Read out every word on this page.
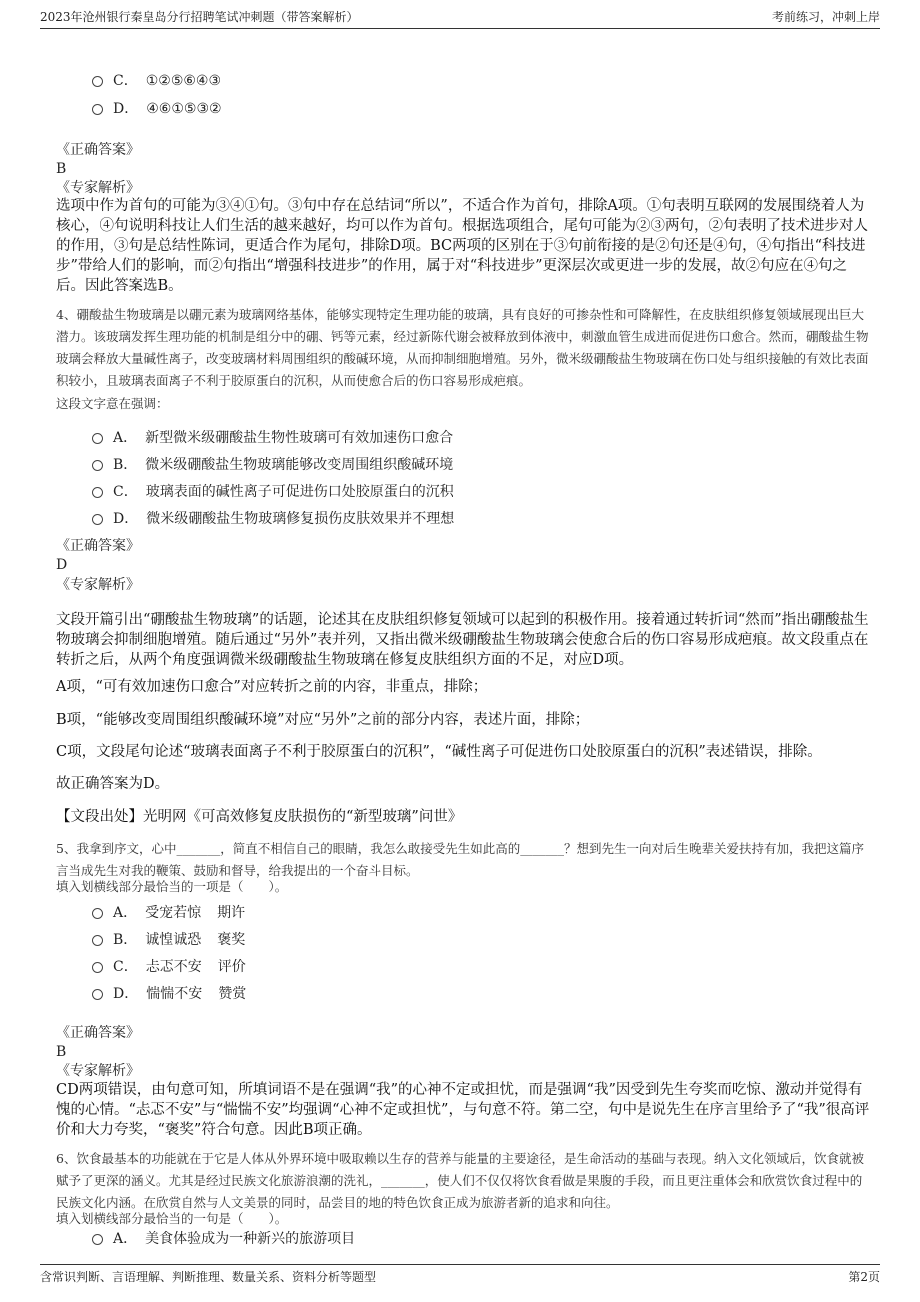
2023年沧州银行秦皇岛分行招聘笔试冲刺题（带答案解析）	考前练习，冲刺上岸
C． ①②⑤⑥④③
D． ④⑥①⑤③②
《正确答案》
B
《专家解析》

选项中作为首句的可能为③④①句。③句中存在总结词“所以”，不适合作为首句，排除A项。①句表明互联网的发展围绕着人为核心，④句说明科技让人们生活的越来越好，均可以作为首句。根据选项组合，尾句可能为②③两句，②句表明了技术进步对人的作用，③句是总结性陈词，更适合作为尾句，排除D项。BC两项的区别在于③句前衔接的是②句还是④句，④句指出“科技进步”带给人们的影响，而②句指出“增强科技进步”的作用，属于对“科技进步”更深层次或更进一步的发展，故②句应在④句之后。因此答案选B。

4、硼酸盐生物玻璃是以硼元素为玻璃网络基体，能够实现特定生理功能的玻璃，具有良好的可掺杂性和可降解性，在皮肤组织修复领域展现出巨大潜力。该玻璃发挥生理功能的机制是组分中的硼、钙等元素，经过新陈代谢会被释放到体液中，刺激血管生成进而促进伤口愈合。然而，硼酸盐生物玻璃会释放大量碱性离子，改变玻璃材料周围组织的酸碱环境，从而抑制细胞增殖。另外，微米级硼酸盐生物玻璃在伤口处与组织接触的有效比表面积较小，且玻璃表面离子不利于胶原蛋白的沉积，从而使愈合后的伤口容易形成疤痕。

这段文字意在强调：

A． 新型微米级硼酸盐生物性玻璃可有效加速伤口愈合
B． 微米级硼酸盐生物玻璃能够改变周围组织酸碱环境
C． 玻璃表面的碱性离子可促进伤口处胶原蛋白的沉积
D． 微米级硼酸盐生物玻璃修复损伤皮肤效果并不理想
《正确答案》
D
《专家解析》

文段开篇引出“硼酸盐生物玻璃”的话题，论述其在皮肤组织修复领域可以起到的积极作用。接着通过转折词“然而”指出硼酸盐生物玻璃会抑制细胞增殖。随后通过“另外”表并列，又指出微米级硼酸盐生物玻璃会使愈合后的伤口容易形成疤痕。故文段重点在转折之后，从两个角度强调微米级硼酸盐生物玻璃在修复皮肤组织方面的不足，对应D项。

A项，“可有效加速伤口愈合”对应转折之前的内容，非重点，排除；

B项，“能够改变周围组织酸碱环境”对应“另外”之前的部分内容，表述片面，排除；

C项，文段尾句论述“玻璃表面离子不利于胶原蛋白的沉积”，“碱性离子可促进伤口处胶原蛋白的沉积”表述错误，排除。

故正确答案为D。

【文段出处】光明网《可高效修复皮肤损伤的“新型玻璃”问世》

5、我拿到序文，心中_______，简直不相信自己的眼睛，我怎么敢接受先生如此高的_______？想到先生一向对后生晚辈关爱扶持有加，我把这篇序言当成先生对我的鞭策、鼓励和督导，给我提出的一个奋斗目标。

填入划横线部分最恰当的一项是（　　）。

A． 受宠若惊 期许
B． 诚惶诚恐 褒奖
C． 忐忑不安 评价
D． 惴惴不安 赞赏
《正确答案》
B
《专家解析》

CD两项错误，由句意可知，所填词语不是在强调“我”的心神不定或担忧，而是强调“我”因受到先生夸奖而吃惊、激动并觉得有愧的心情。“忐忑不安”与“惴惴不安”均强调“心神不定或担忧”，与句意不符。第二空，句中是说先生在序言里给予了“我”很高评价和大力夸奖，“褒奖”符合句意。因此B项正确。

6、饮食最基本的功能就在于它是人体从外界环境中吸取赖以生存的营养与能量的主要途径，是生命活动的基础与表现。纳入文化领域后，饮食就被赋予了更深的涵义。尤其是经过民族文化旅游浪潮的洗礼，_______，使人们不仅仅将饮食看做是果腹的手段，而且更注重体会和欣赏饮食过程中的民族文化内涵。在欣赏自然与人文美景的同时，品尝目的地的特色饮食正成为旅游者新的追求和向往。

填入划横线部分最恰当的一句是（　　）。

A． 美食体验成为一种新兴的旅游项目
含常识判断、言语理解、判断推理、数量关系、资料分析等题型	第2页
